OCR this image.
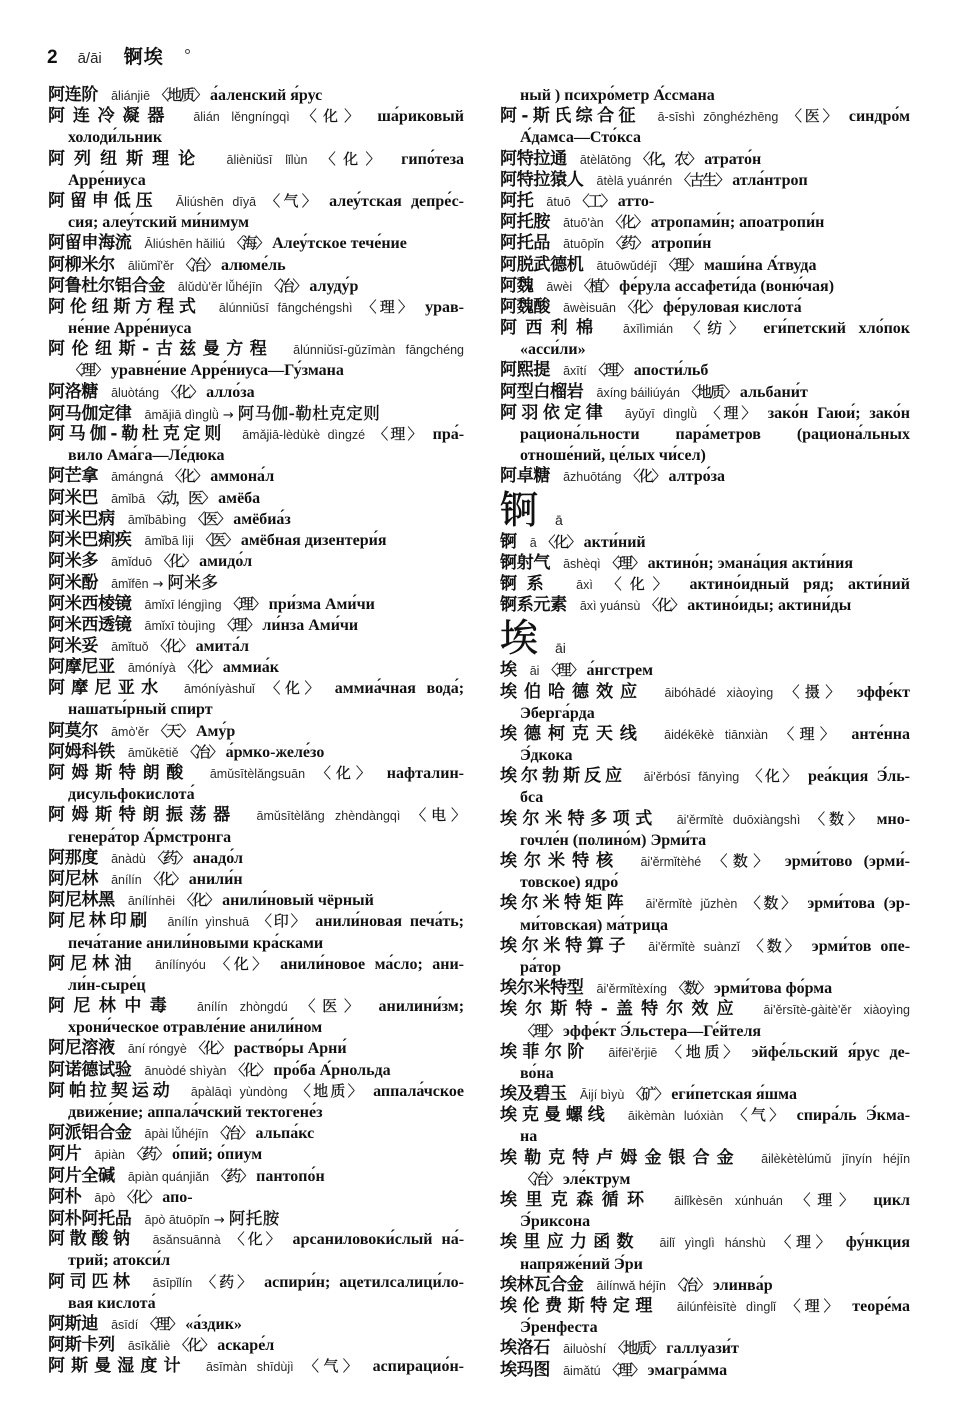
2 ā/āi 锕埃
阿连阶 āliánjiē 〈地质〉 а́аленский я́рус
阿连冷凝器 ālián lěngníngqì 〈化〉 ша́риковый
холоди́льник
阿列纽斯理论 ālièniǔsī lǐlùn 〈化〉 гипо́теза
Арре́ниуса
阿留申低压 Āliúshēn dīyā 〈气〉 алеу́тская депре́с-
сия; алеу́тский ми́нимум
阿留申海流 Āliúshēn hǎiliú 〈海〉 Алеу́тское тече́ние
阿柳米尔 āliǔmǐ'ěr 〈冶〉 алюме́ль
阿鲁杜尔铝合金 ālǔdù'ěr lǚhéjīn 〈冶〉 алуду́р
阿伦纽斯方程式 ālúnniǔsī fāngchéngshì 〈理〉 урав-
не́ние Арре́ниуса
阿伦纽斯-古兹曼方程 ālúnniǔsī-gǔzīmàn fāngchéng
〈理〉 уравне́ние Арре́ниуса—Гу́змана
阿洛糖 āluòtáng 〈化〉 алло́за
阿马伽定律 āmǎjiā dìnglǜ → 阿马伽-勒杜克定则
阿马伽-勒杜克定则 āmǎjiā-lèdùkè dìngzé 〈理〉 пра́-
вило Ама́га—Ле́дюка
阿芒拿 āmángná 〈化〉 аммона́л
阿米巴 āmǐbā 〈动，医〉 амёба
阿米巴病 āmǐbābìng 〈医〉 амёбиа́з
阿米巴痢疾 āmǐbā lìji 〈医〉 амёбная дизентери́я
阿米多 āmǐduō 〈化〉 амидо́л
阿米酚 āmǐfēn → 阿米多
阿米西棱镜 āmǐxī léngjìng 〈理〉 при́зма Ами́чи
阿米西透镜 āmǐxī tòujìng 〈理〉 ли́нза Ами́чи
阿米妥 āmǐtuǒ 〈化〉 амита́л
阿摩尼亚 āmóníyà 〈化〉 аммиа́к
阿摩尼亚水 āmóníyàshuǐ 〈化〉 аммиа́чная вода́;
нашаты́рный спирт
阿莫尔 āmò'ěr 〈天〉 Аму́р
阿姆科铁 āmǔkētiě 〈冶〉 а́рмко-желе́зо
阿姆斯特朗酸 āmǔsītèlǎngsuān 〈化〉 нафталин-
дисульфокислота́
阿姆斯特朗振荡器 āmǔsītèlǎng zhèndàngqì 〈电〉
генера́тор А́рмстронга
阿那度 ānàdù 〈药〉 анадо́л
阿尼林 ānílín 〈化〉 анили́н
阿尼林黑 ānílínhēi 〈化〉 анили́новый чёрный
阿尼林印刷 ānílín yìnshuā 〈印〉 анили́новая печа́ть;
печа́тание анили́новыми кра́сками
阿尼林油 ānílínyóu 〈化〉 анили́новое ма́сло; ани-
ли́н-сыре́ц
阿尼林中毒 ānílín zhòngdú 〈医〉 анилини́зм;
хрони́ческое отравле́ние анили́ном
阿尼溶液 āní róngyè 〈化〉 раство́ры Арни́
阿诺德试验 ānuòdé shìyàn 〈化〉 про́ба А́рнольда
阿帕拉契运动 āpàlāqì yùndòng 〈地质〉 аппала́чское
движе́ние; аппала́чский тектогене́з
阿派铝合金 āpài lǚhéjīn 〈冶〉 альпа́кс
阿片 āpiàn 〈药〉 о́пий; о́пиум
阿片全碱 āpiàn quánjiǎn 〈药〉 пантопо́н
阿朴 āpò 〈化〉 апо-
阿朴阿托品 āpò ātuōpǐn → 阿托胺
阿散酸钠 āsǎnsuānnà 〈化〉 арсаниловоки́слый на́-
трий; атокси́л
阿司匹林 āsīpǐlín 〈药〉 аспири́н; ацетилсалици́ло-
вая кислота́
阿斯迪 āsīdí 〈理〉 «а́здик»
阿斯卡列 āsīkǎliè 〈化〉 аскаре́л
阿斯曼湿度计 āsīmàn shīdùjì 〈气〉 аспирацио́н-
ный ) психро́метр А́ссмана
阿-斯氏综合征 ā-sīshì zōnghézhēng 〈医〉 синдро́м
А́дамса—Сто́кса
阿特拉通 ātèlātōng 〈化，农〉 атрато́н
阿特拉猿人 ātèlā yuánrén 〈古生〉 атла́нтроп
阿托 ātuō 〈工〉 атто-
阿托胺 ātuō'àn 〈化〉 атропами́н; апоатропи́н
阿托品 ātuōpǐn 〈药〉 атропи́н
阿脱武德机 ātuōwǔdéjī 〈理〉 маши́на А́твуда
阿魏 āwèi 〈植〉 фе́рула ассафети́да (воню́чая)
阿魏酸 āwèisuān 〈化〉 фе́руловая кислота́
阿西利棉 āxīlìmián 〈纺〉 еги́петский хло́пок
«асси́ли»
阿熙提 āxītí 〈理〉 апости́льб
阿型白榴岩 āxíng báiliúyán 〈地质〉 альбани́т
阿羽依定律 āyǔyī dìnglǜ 〈理〉 зако́н Гаюи́; зако́н
рациона́льности пара́метров (рациона́льных
отноше́ний, це́лых чи́сел)
阿卓糖 āzhuōtáng 〈化〉 алтро́за
锕 ā
锕 ā 〈化〉 акти́ний
锕射气 āshèqì 〈理〉 актино́н; эмана́ция акти́ния
锕系 āxì 〈化〉 актино́идный ряд; акти́ний
锕系元素 āxì yuánsù 〈化〉 актино́иды; актини́ды
埃 āi
埃 āi 〈理〉 а́нгстрем
埃伯哈德效应 āibóhādé xiàoyìng 〈摄〉 эффе́кт
Эберга́рда
埃德柯克天线 āidékēkè tiānxiàn 〈理〉 анте́нна
Э́дкока
埃尔勃斯反应 āi'ěrbósī fǎnyìng 〈化〉 реа́кция Э́ль-
бса
埃尔米特多项式 āi'ěrmǐtè duōxiàngshì 〈数〉 мно-
гочле́н (полино́м) Эрми́та
埃尔米特核 āi'ěrmǐtèhé 〈数〉 эрми́тово (эрми́-
товское) ядро́
埃尔米特矩阵 āi'ěrmǐtè jǔzhèn 〈数〉 эрми́това (эр-
ми́товская) ма́трица
埃尔米特算子 āi'ěrmǐtè suànzǐ 〈数〉 эрми́тов опе-
ра́тор
埃尔米特型 āi'ěrmǐtèxíng 〈数〉 эрми́това фо́рма
埃尔斯特-盖特尔效应 āi'ěrsītè-gàitè'ěr xiàoyìng
〈理〉 эффе́кт Э́льстера—Ге́йтеля
埃菲尔阶 āifēi'ěrjiē 〈地质〉 эйфе́льский я́рус де-
во́на
埃及碧玉 Āijí bìyù 〈矿〉 еги́петская я́шма
埃克曼螺线 āikèmàn luóxiàn 〈气〉 спира́ль Э́кма-
на
埃勒克特卢姆金银合金 āilèkètèlúmǔ jīnyín héjīn
〈冶〉 эле́ктрум
埃里克森循环 āilǐkèsēn xúnhuán 〈理〉 цикл
Э́риксона
埃里应力函数 āilǐ yìnglì hánshù 〈理〉 фу́нкция
напряже́ний Э́ри
埃林瓦合金 āilínwǎ héjīn 〈冶〉 элинва́р
埃伦费斯特定理 āilúnfèisītè dìnglǐ 〈理〉 теоре́ма
Э́ренфеста
埃洛石 āiluòshí 〈地质〉 галлуази́т
埃玛图 āimǎtú 〈理〉 эмагра́мма
